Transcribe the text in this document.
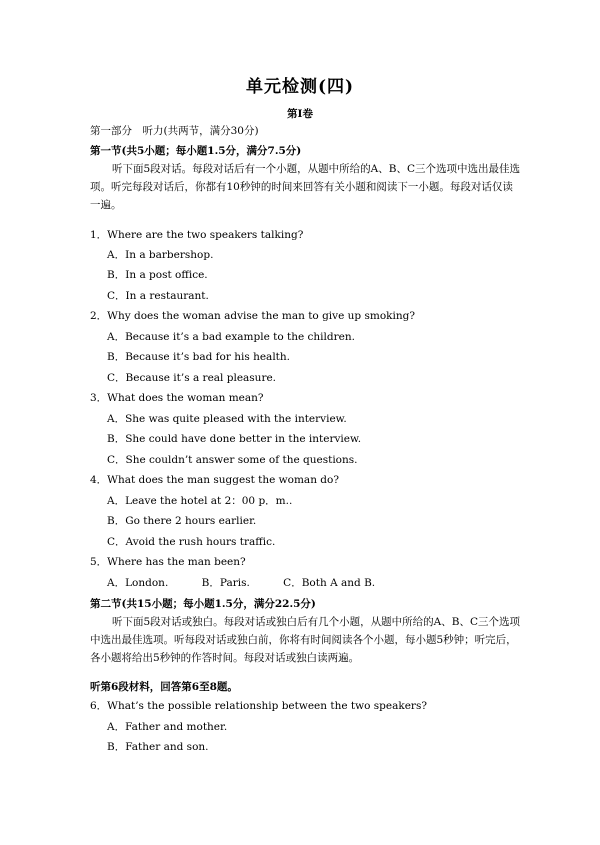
单元检测(四)
第Ⅰ卷
第一部分　听力(共两节，满分30分)
第一节(共5小题；每小题1.5分，满分7.5分)
听下面5段对话。每段对话后有一个小题，从题中所给的A、B、C三个选项中选出最佳选项。听完每段对话后，你都有10秒钟的时间来回答有关小题和阅读下一小题。每段对话仅读一遍。
1．Where are the two speakers talking?
A．In a barbershop.
B．In a post office.
C．In a restaurant.
2．Why does the woman advise the man to give up smoking?
A．Because it’s a bad example to the children.
B．Because it’s bad for his health.
C．Because it’s a real pleasure.
3．What does the woman mean?
A．She was quite pleased with the interview.
B．She could have done better in the interview.
C．She couldn’t answer some of the questions.
4．What does the man suggest the woman do?
A．Leave the hotel at 2：00 p．m..
B．Go there 2 hours earlier.
C．Avoid the rush hours traffic.
5．Where has the man been?
A．London.	B．Paris.	C．Both A and B.
第二节(共15小题；每小题1.5分，满分22.5分)
听下面5段对话或独白。每段对话或独白后有几个小题，从题中所给的A、B、C三个选项中选出最佳选项。听每段对话或独白前，你将有时间阅读各个小题，每小题5秒钟；听完后，各小题将给出5秒钟的作答时间。每段对话或独白读两遍。
听第6段材料，回答第6至8题。
6．What’s the possible relationship between the two speakers?
A．Father and mother.
B．Father and son.
